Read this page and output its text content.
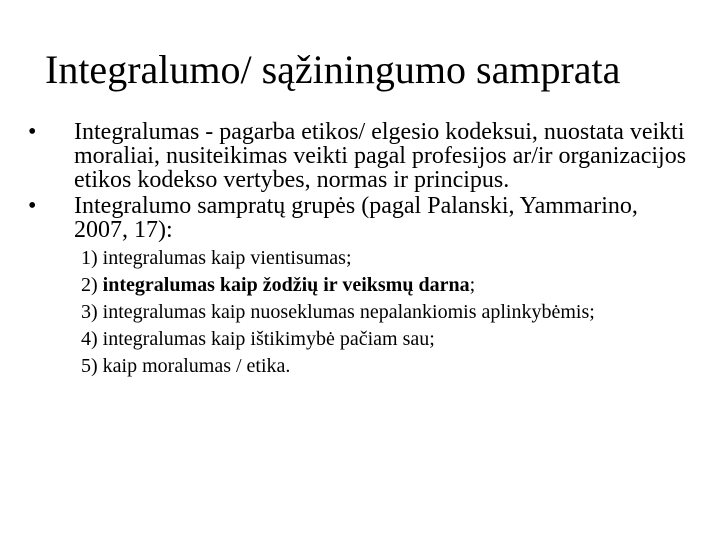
Integralumo/ sąžiningumo samprata
•	Integralumas - pagarba etikos/ elgesio kodeksui, nuostata veikti moraliai, nusiteikimas veikti pagal profesijos ar/ir organizacijos etikos kodekso vertybes, normas ir principus.
•	Integralumo sampratų grupės (pagal Palanski, Yammarino, 2007, 17):
1) integralumas kaip vientisumas;
2) integralumas kaip žodžių ir veiksmų darna;
3) integralumas kaip nuoseklumas nepalankiomis aplinkybėmis;
4) integralumas kaip ištikimybė pačiam sau;
5) kaip moralumas / etika.
